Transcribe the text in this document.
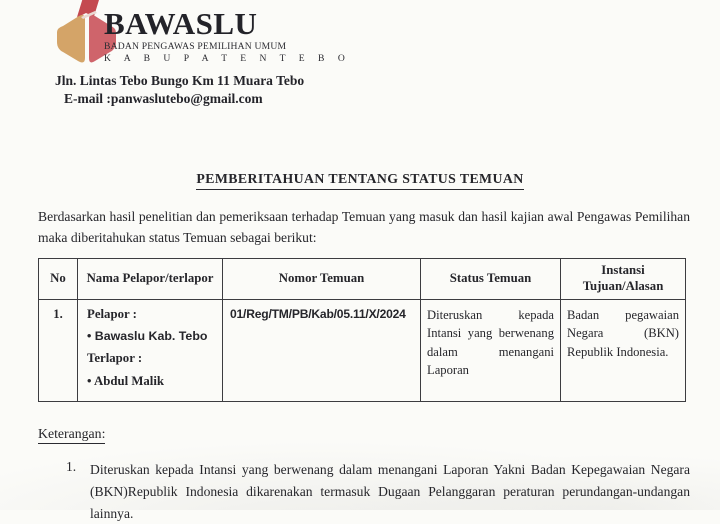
BAWASLU
BADAN PENGAWAS PEMILIHAN UMUM
K A B U P A T E N T E B O
Jln. Lintas Tebo Bungo Km 11 Muara Tebo
E-mail :panwaslutebo@gmail.com
PEMBERITAHUAN TENTANG STATUS TEMUAN

Berdasarkan hasil penelitian dan pemeriksaan terhadap Temuan yang masuk dan hasil kajian awal Pengawas Pemilihan maka diberitahukan status Temuan sebagai berikut:

No	Nama Pelapor/terlapor	Nomor Temuan	Status Temuan	Instansi Tujuan/Alasan
1.	Pelapor :
• Bawaslu Kab. Tebo
Terlapor :
• Abdul Malik	01/Reg/TM/PB/Kab/05.11/X/2024	Diteruskan kepada Intansi yang berwenang dalam menangani Laporan	Badan pegawaian Negara (BKN) Republik Indonesia.
Keterangan:
1.	Diteruskan kepada Intansi yang berwenang dalam menangani Laporan Yakni Badan Kepegawaian Negara (BKN)Republik Indonesia dikarenakan termasuk Dugaan Pelanggaran peraturan perundangan-undangan lainnya.
